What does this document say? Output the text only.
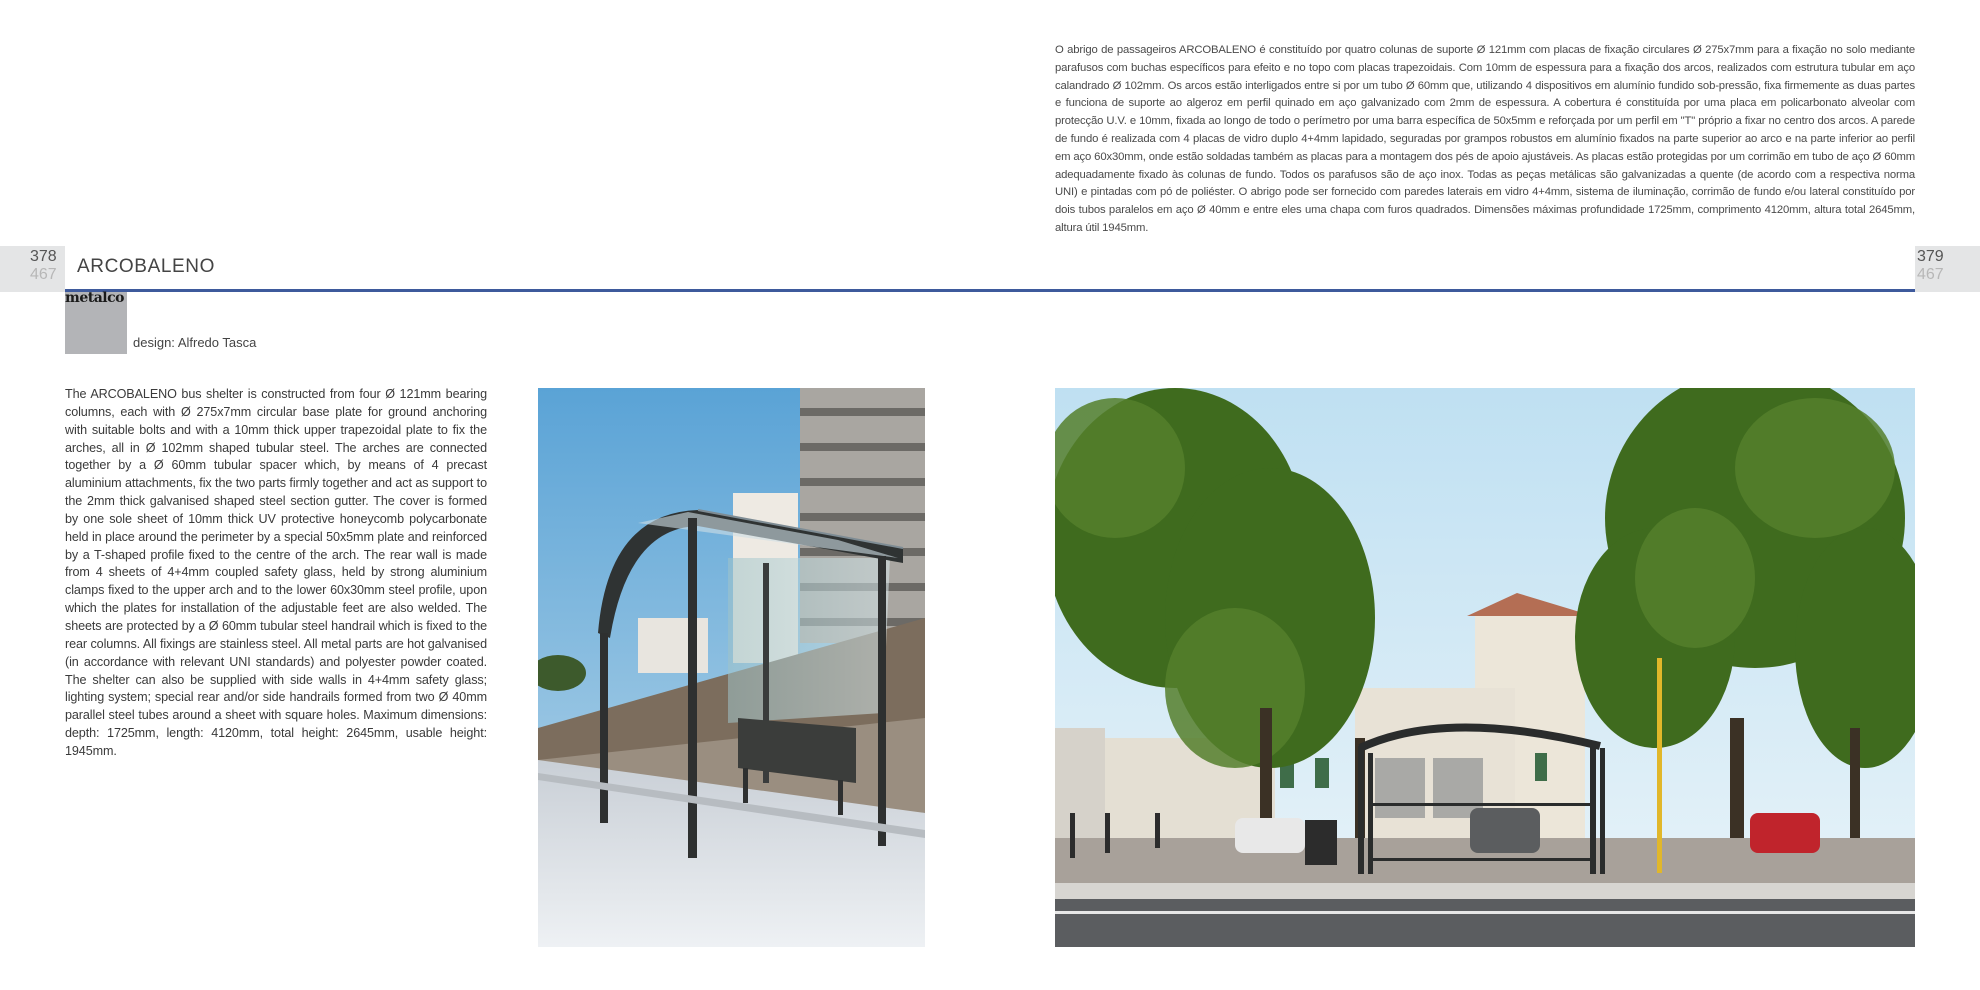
O abrigo de passageiros ARCOBALENO é constituído por quatro colunas de suporte Ø 121mm com placas de fixação circulares Ø 275x7mm para a fixação no solo mediante parafusos com buchas específicos para efeito e no topo com placas trapezoidais. Com 10mm de espessura para a fixação dos arcos, realizados com estrutura tubular em aço calandrado Ø 102mm. Os arcos estão interligados entre si por um tubo Ø 60mm que, utilizando 4 dispositivos em alumínio fundido sob-pressão, fixa firmemente as duas partes e funciona de suporte ao algeroz em perfil quinado em aço galvanizado com 2mm de espessura. A cobertura é constituída por uma placa em policarbonato alveolar com protecção U.V. e 10mm, fixada ao longo de todo o perímetro por uma barra específica de 50x5mm e reforçada por um perfil em "T" próprio a fixar no centro dos arcos. A parede de fundo é realizada com 4 placas de vidro duplo 4+4mm lapidado, seguradas por grampos robustos em alumínio fixados na parte superior ao arco e na parte inferior ao perfil em aço 60x30mm, onde estão soldadas também as placas para a montagem dos pés de apoio ajustáveis. As placas estão protegidas por um corrimão em tubo de aço Ø 60mm adequadamente fixado às colunas de fundo. Todos os parafusos são de aço inox. Todas as peças metálicas são galvanizadas a quente (de acordo com a respectiva norma UNI) e pintadas com pó de poliéster. O abrigo pode ser fornecido com paredes laterais em vidro 4+4mm, sistema de iluminação, corrimão de fundo e/ou lateral constituído por dois tubos paralelos em aço Ø 40mm e entre eles uma chapa com furos quadrados. Dimensões máximas profundidade 1725mm, comprimento 4120mm, altura total 2645mm, altura útil 1945mm.
378
467
379
467
ARCOBALENO
metalco
design: Alfredo Tasca
The ARCOBALENO bus shelter is constructed from four Ø 121mm bearing columns, each with Ø 275x7mm circular base plate for ground anchoring with suitable bolts and with a 10mm thick upper trapezoidal plate to fix the arches, all in Ø 102mm shaped tubular steel. The arches are connected together by a Ø 60mm tubular spacer which, by means of 4 precast aluminium attachments, fix the two parts firmly together and act as support to the 2mm thick galvanised shaped steel section gutter. The cover is formed by one sole sheet of 10mm thick UV protective honeycomb polycarbonate held in place around the perimeter by a special 50x5mm plate and reinforced by a T-shaped profile fixed to the centre of the arch. The rear wall is made from 4 sheets of 4+4mm coupled safety glass, held by strong aluminium clamps fixed to the upper arch and to the lower 60x30mm steel profile, upon which the plates for installation of the adjustable feet are also welded. The sheets are protected by a Ø 60mm tubular steel handrail which is fixed to the rear columns. All fixings are stainless steel. All metal parts are hot galvanised (in accordance with relevant UNI standards) and polyester powder coated. The shelter can also be supplied with side walls in 4+4mm safety glass; lighting system; special rear and/or side handrails formed from two Ø 40mm parallel steel tubes around a sheet with square holes. Maximum dimensions: depth: 1725mm, length: 4120mm, total height: 2645mm, usable height: 1945mm.
